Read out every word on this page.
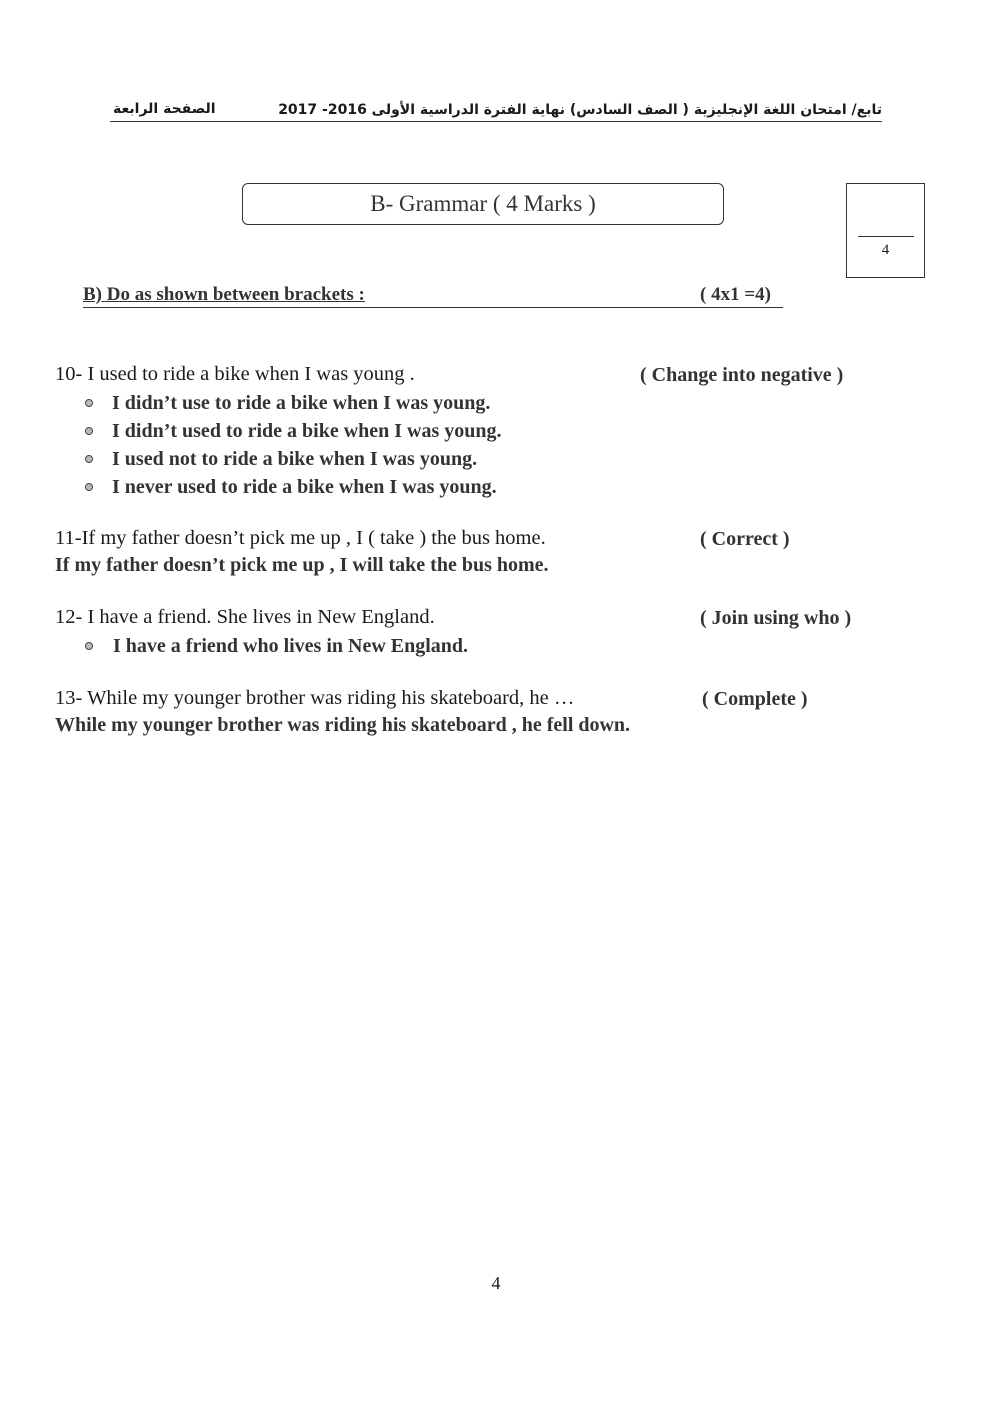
تابع/ امتحان اللغة الإنجليزية ( الصف السادس) نهاية الفترة الدراسية الأولى 2016- 2017
الصفحة الرابعة
B- Grammar ( 4 Marks )
4
B) Do as shown between brackets :	( 4x1 =4)
10- I used to ride a bike when I was young .	( Change into negative )
I didn’t use to ride a bike when I was young.
I didn’t used to ride a bike when I was young.
I used not to ride a bike when I was young.
I never used to ride a bike when I was young.
11-If my father doesn’t pick me up , I ( take ) the bus home.	( Correct )
If my father doesn’t pick me up , I will take the bus home.
12- I have a friend. She lives in New England.	( Join using who )
I have a friend who lives in New England.
13- While my younger brother was riding his skateboard, he …	( Complete )
While my younger brother was riding his skateboard , he fell down.
4
